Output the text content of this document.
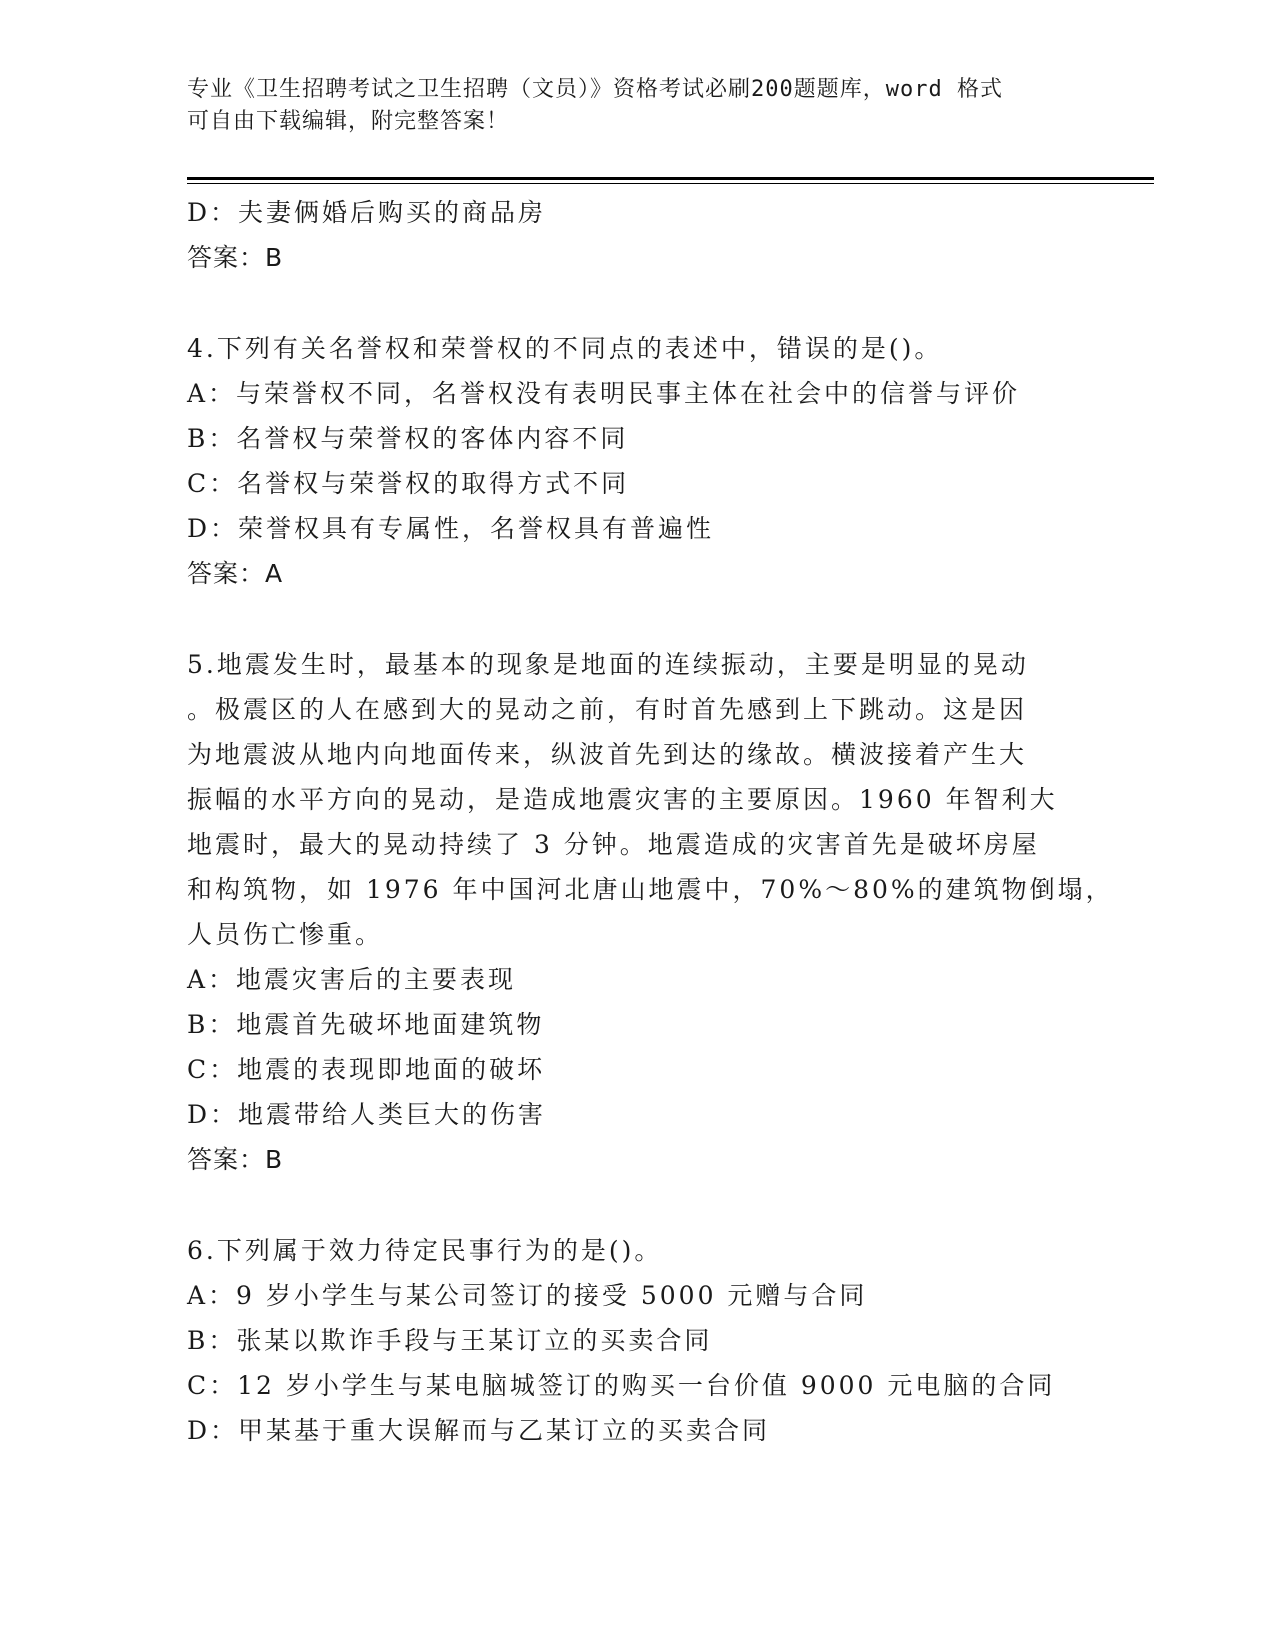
专业《卫生招聘考试之卫生招聘（文员）》资格考试必刷200题题库，word 格式
可自由下载编辑，附完整答案！
D：夫妻俩婚后购买的商品房
答案：B
4.下列有关名誉权和荣誉权的不同点的表述中，错误的是()。
A：与荣誉权不同，名誉权没有表明民事主体在社会中的信誉与评价
B：名誉权与荣誉权的客体内容不同
C：名誉权与荣誉权的取得方式不同
D：荣誉权具有专属性，名誉权具有普遍性
答案：A
5.地震发生时，最基本的现象是地面的连续振动，主要是明显的晃动
。极震区的人在感到大的晃动之前，有时首先感到上下跳动。这是因
为地震波从地内向地面传来，纵波首先到达的缘故。横波接着产生大
振幅的水平方向的晃动，是造成地震灾害的主要原因。1960 年智利大
地震时，最大的晃动持续了 3 分钟。地震造成的灾害首先是破坏房屋
和构筑物，如 1976 年中国河北唐山地震中，70%～80%的建筑物倒塌，
人员伤亡惨重。
A：地震灾害后的主要表现
B：地震首先破坏地面建筑物
C：地震的表现即地面的破坏
D：地震带给人类巨大的伤害
答案：B
6.下列属于效力待定民事行为的是()。
A：9 岁小学生与某公司签订的接受 5000 元赠与合同
B：张某以欺诈手段与王某订立的买卖合同
C：12 岁小学生与某电脑城签订的购买一台价值 9000 元电脑的合同
D：甲某基于重大误解而与乙某订立的买卖合同
